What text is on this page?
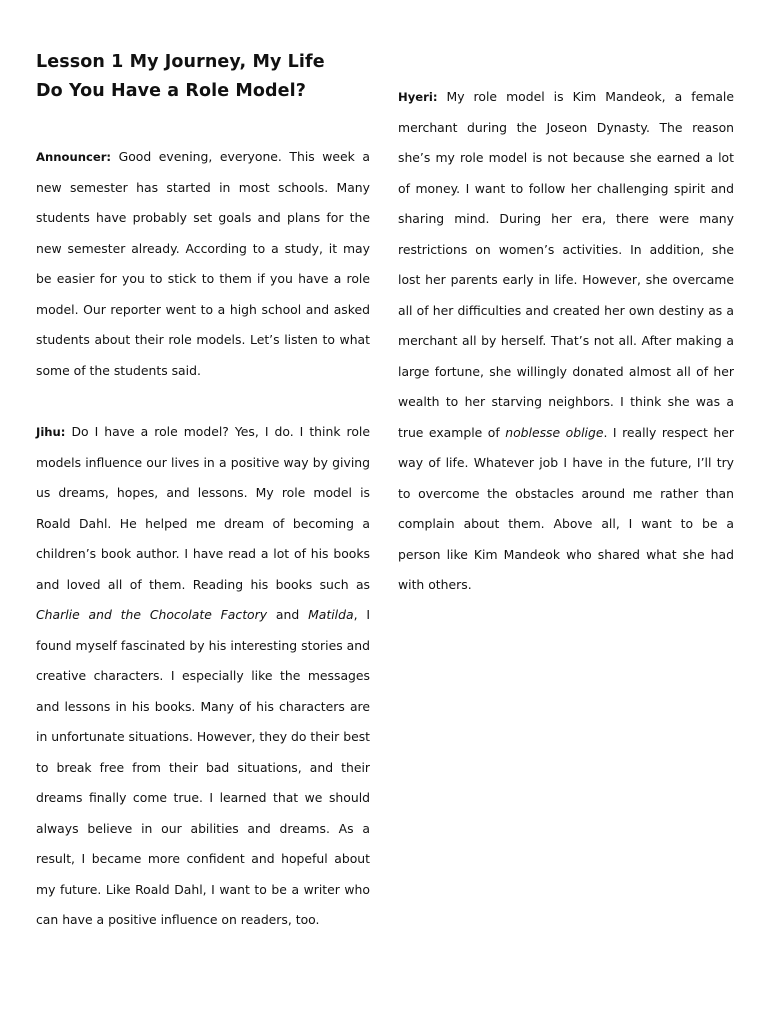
Lesson 1 My Journey, My Life
Do You Have a Role Model?

Announcer: Good evening, everyone. This week a new semester has started in most schools. Many students have probably set goals and plans for the new semester already. According to a study, it may be easier for you to stick to them if you have a role model. Our reporter went to a high school and asked students about their role models. Let’s listen to what some of the students said.

Jihu: Do I have a role model? Yes, I do. I think role models influence our lives in a positive way by giving us dreams, hopes, and lessons. My role model is Roald Dahl. He helped me dream of becoming a children’s book author. I have read a lot of his books and loved all of them. Reading his books such as Charlie and the Chocolate Factory and Matilda, I found myself fascinated by his interesting stories and creative characters. I especially like the messages and lessons in his books. Many of his characters are in unfortunate situations. However, they do their best to break free from their bad situations, and their dreams finally come true. I learned that we should always believe in our abilities and dreams. As a result, I became more confident and hopeful about my future. Like Roald Dahl, I want to be a writer who can have a positive influence on readers, too.

Hyeri: My role model is Kim Mandeok, a female merchant during the Joseon Dynasty. The reason she’s my role model is not because she earned a lot of money. I want to follow her challenging spirit and sharing mind. During her era, there were many restrictions on women’s activities. In addition, she lost her parents early in life. However, she overcame all of her difficulties and created her own destiny as a merchant all by herself. That’s not all. After making a large fortune, she willingly donated almost all of her wealth to her starving neighbors. I think she was a true example of noblesse oblige. I really respect her way of life. Whatever job I have in the future, I’ll try to overcome the obstacles around me rather than complain about them. Above all, I want to be a person like Kim Mandeok who shared what she had with others.
